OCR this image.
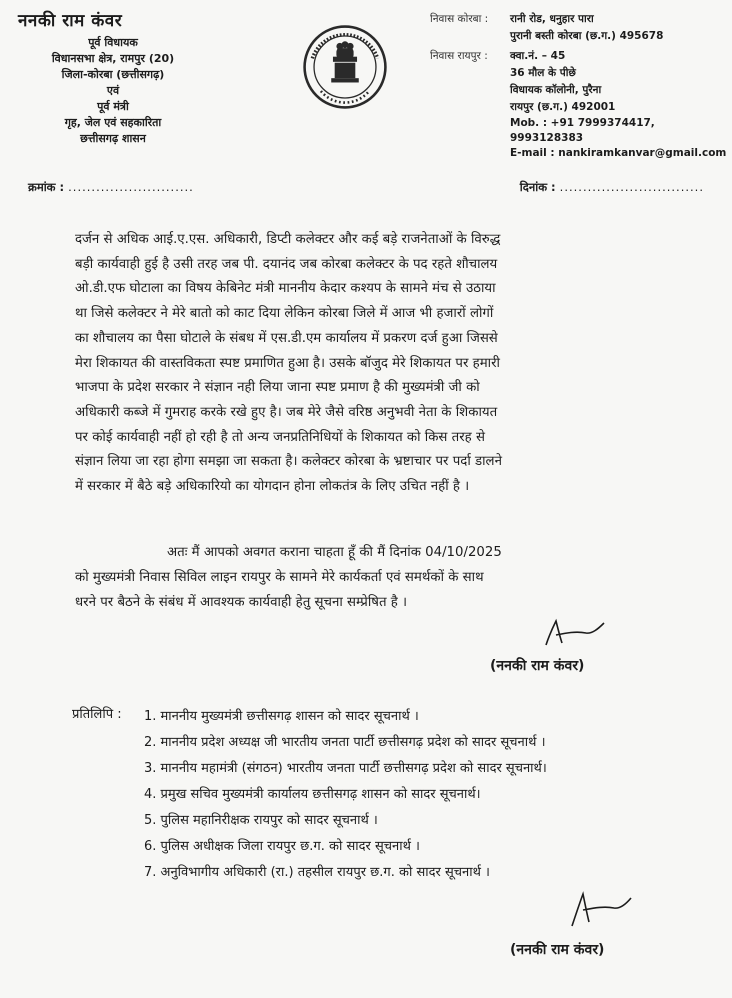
ननकी राम कंवर
पूर्व विधायक
विधानसभा क्षेत्र, रामपुर (20)
जिला-कोरबा (छत्तीसगढ़)
एवं
पूर्व मंत्री
गृह, जेल एवं सहकारिता
छत्तीसगढ़ शासन
निवास कोरबा :	रानी रोड, धनुहार पारा
पुरानी बस्ती कोरबा (छ.ग.) 495678
निवास रायपुर :	क्वा.नं. – 45
36 मौल के पीछे
विधायक कॉलोनी, पुरैना
रायपुर (छ.ग.) 492001
Mob. : +91 7999374417, 9993128383
E-mail : nankiramkanvar@gmail.com
क्रमांक : ...........................	दिनांक : ...............................
दर्जन से अधिक आई.ए.एस. अधिकारी, डिप्टी कलेक्टर और कई बड़े राजनेताओं के विरुद्ध
बड़ी कार्यवाही हुई है उसी तरह जब पी. दयानंद जब कोरबा कलेक्टर के पद रहते शौचालय
ओ.डी.एफ घोटाला का विषय केबिनेट मंत्री माननीय केदार कश्यप के सामने मंच से उठाया
था जिसे कलेक्टर ने मेरे बातो को काट दिया लेकिन कोरबा जिले में आज भी हजारों लोगों
का शौचालय का पैसा घोटाले के संबध में एस.डी.एम कार्यालय में प्रकरण दर्ज हुआ जिससे
मेरा शिकायत की वास्तविकता स्पष्ट प्रमाणित हुआ है। उसके बॉजुद मेरे शिकायत पर हमारी
भाजपा के प्रदेश सरकार ने संज्ञान नही लिया जाना स्पष्ट प्रमाण है की मुख्यमंत्री जी को
अधिकारी कब्जे में गुमराह करके रखे हुए है। जब मेरे जैसे वरिष्ठ अनुभवी नेता के शिकायत
पर कोई कार्यवाही नहीं हो रही है तो अन्य जनप्रतिनिधियों के शिकायत को किस तरह से
संज्ञान लिया जा रहा होगा समझा जा सकता है। कलेक्टर कोरबा के भ्रष्टाचार पर पर्दा डालने
में सरकार में बैठे बड़े अधिकारियो का योगदान होना लोकतंत्र के लिए उचित नहीं है ।
अतः मैं आपको अवगत कराना चाहता हूँ की मैं दिनांक 04/10/2025
को मुख्यमंत्री निवास सिविल लाइन रायपुर के सामने मेरे कार्यकर्ता एवं समर्थकों के साथ
धरने पर बैठने के संबंध में आवश्यक कार्यवाही हेतु सूचना सम्प्रेषित है ।
(ननकी राम कंवर)
प्रतिलिपि : 1. माननीय मुख्यमंत्री छत्तीसगढ़ शासन को सादर सूचनार्थ ।
2. माननीय प्रदेश अध्यक्ष जी भारतीय जनता पार्टी छत्तीसगढ़ प्रदेश को सादर सूचनार्थ ।
3. माननीय महामंत्री (संगठन) भारतीय जनता पार्टी छत्तीसगढ़ प्रदेश को सादर सूचनार्थ।
4. प्रमुख सचिव मुख्यमंत्री कार्यालय छत्तीसगढ़ शासन को सादर सूचनार्थ।
5. पुलिस महानिरीक्षक रायपुर को सादर सूचनार्थ ।
6. पुलिस अधीक्षक जिला रायपुर छ.ग. को सादर सूचनार्थ ।
7. अनुविभागीय अधिकारी (रा.) तहसील रायपुर छ.ग. को सादर सूचनार्थ ।
(ननकी राम कंवर)
